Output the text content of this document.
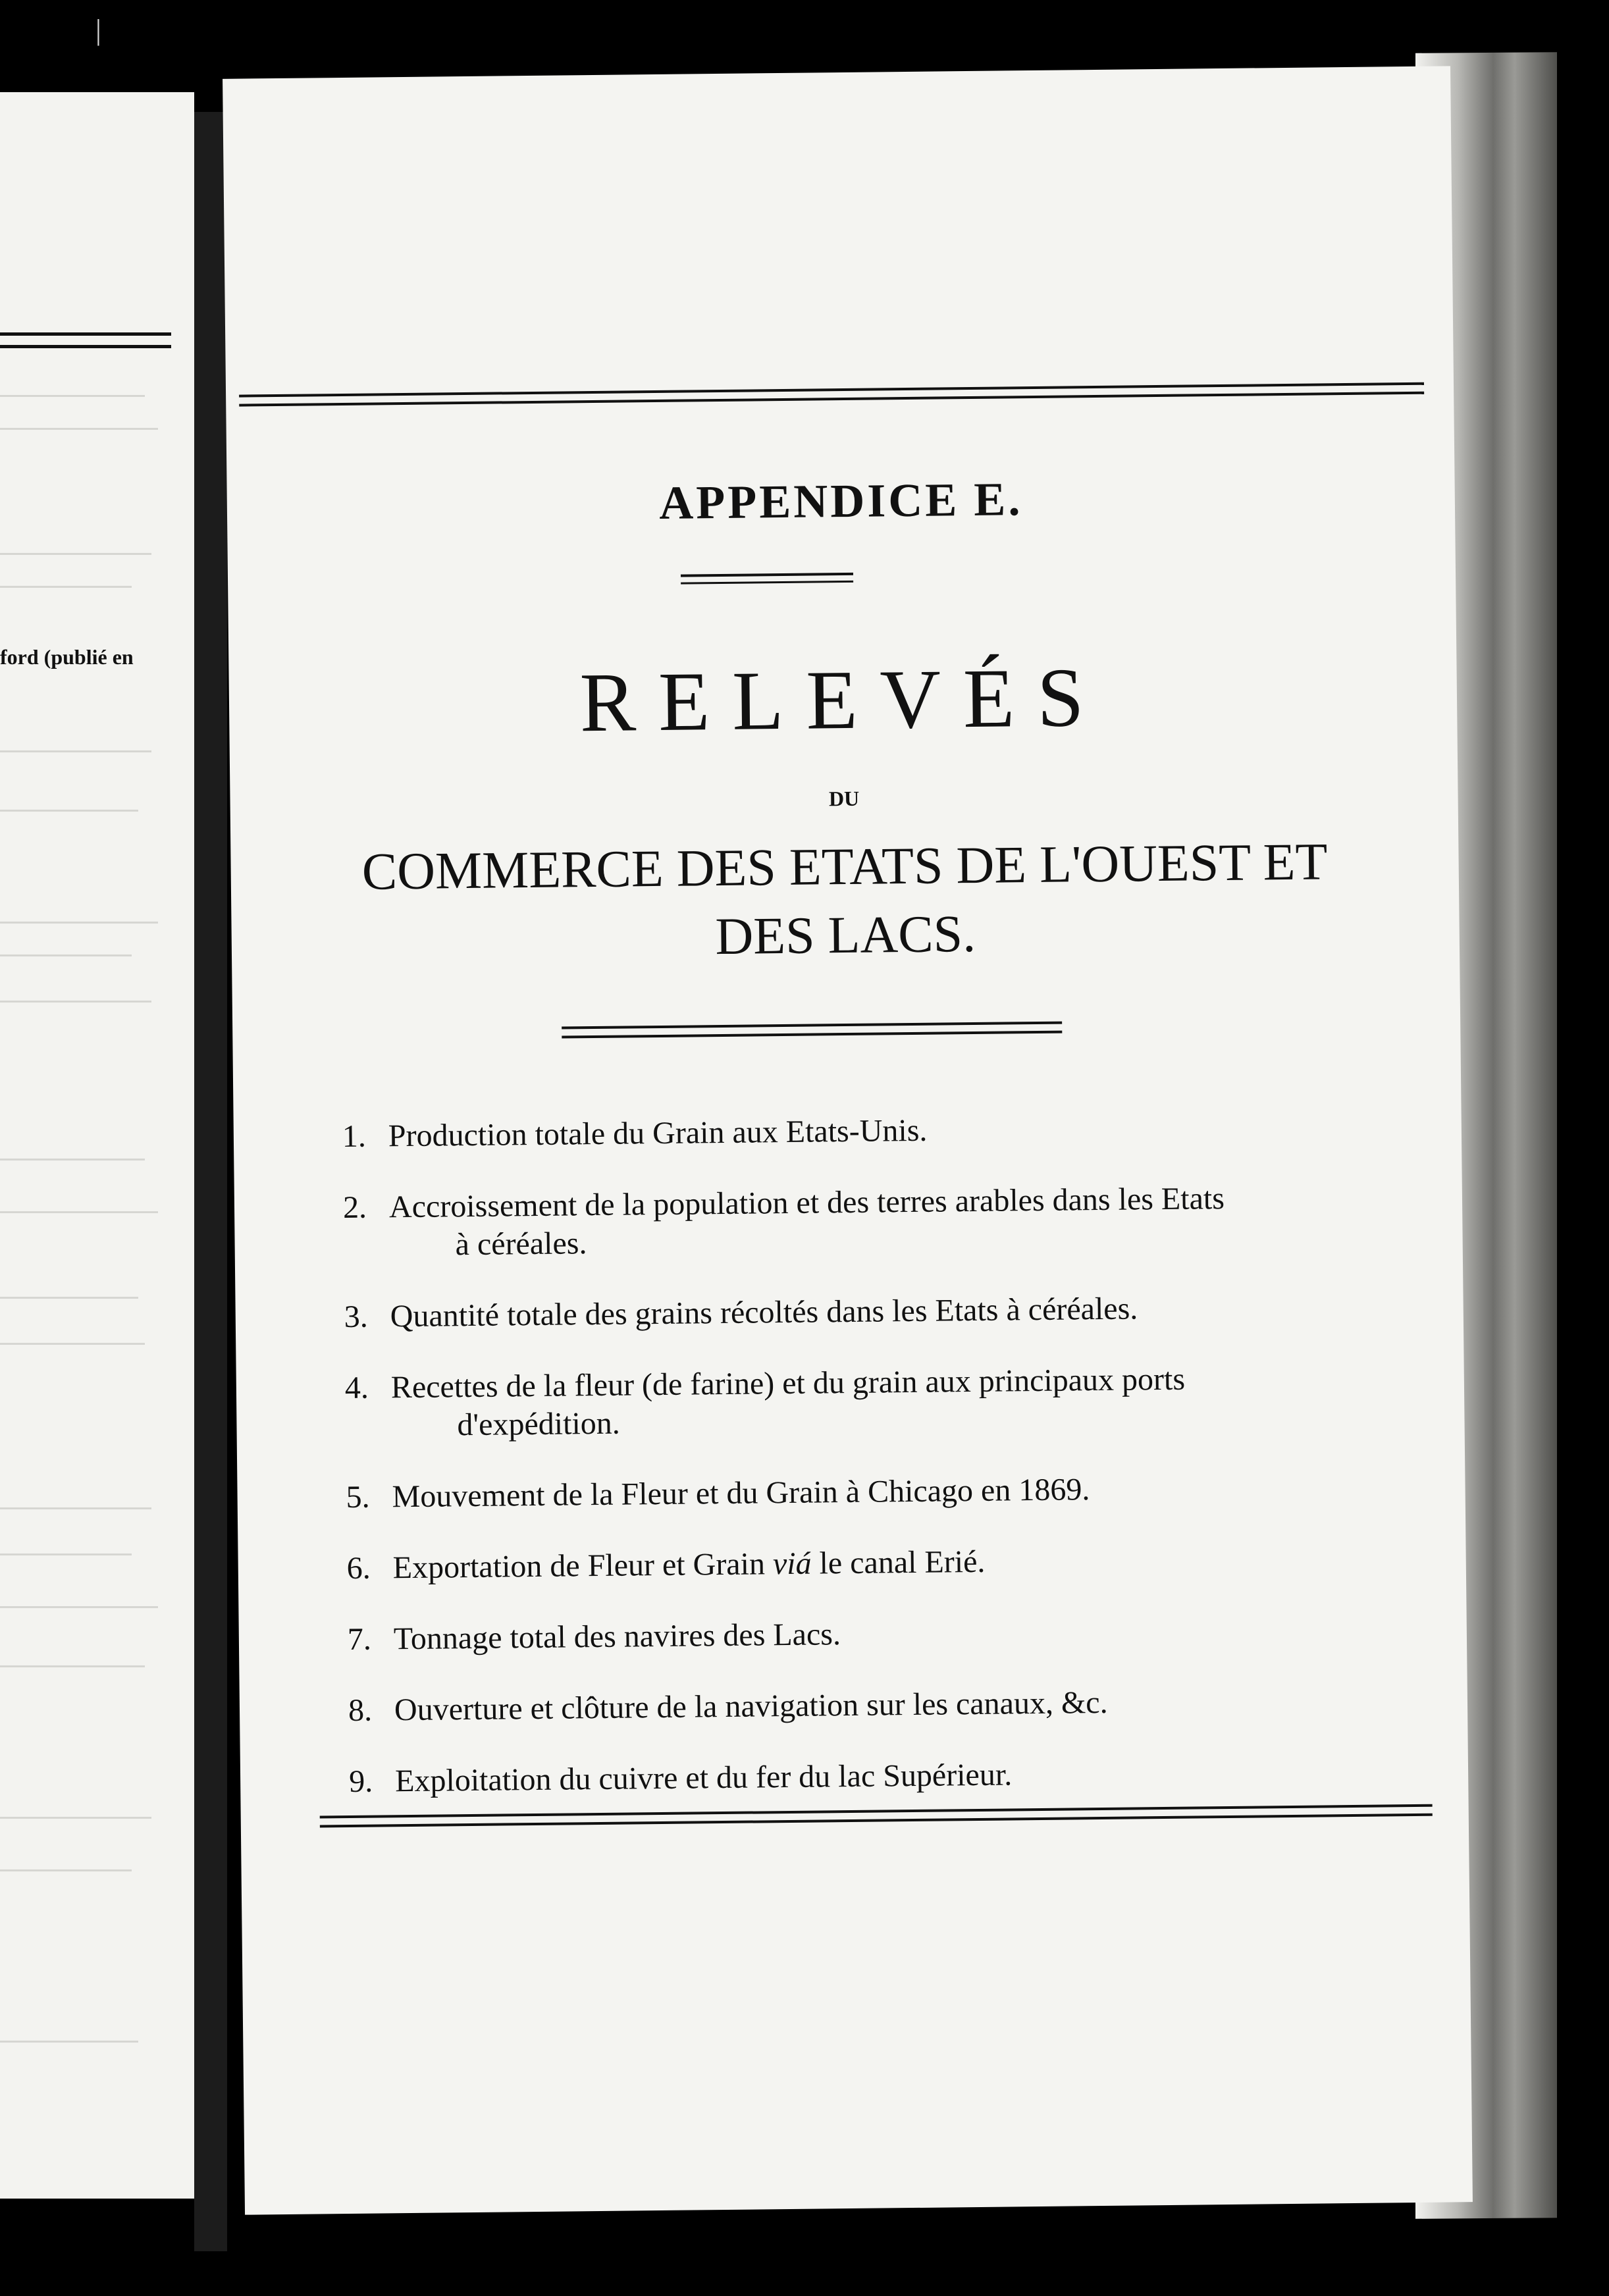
|
ford (publié en
APPENDICE E.
RELEVÉS
DU
COMMERCE DES ETATS DE L'OUEST ET
DES LACS.
1. Production totale du Grain aux Etats-Unis.
2. Accroissement de la population et des terres arables dans les Etats
à céréales.
3. Quantité totale des grains récoltés dans les Etats à céréales.
4. Recettes de la fleur (de farine) et du grain aux principaux ports
d'expédition.
5. Mouvement de la Fleur et du Grain à Chicago en 1869.
6. Exportation de Fleur et Grain viá le canal Erié.
7. Tonnage total des navires des Lacs.
8. Ouverture et clôture de la navigation sur les canaux, &c.
9. Exploitation du cuivre et du fer du lac Supérieur.
